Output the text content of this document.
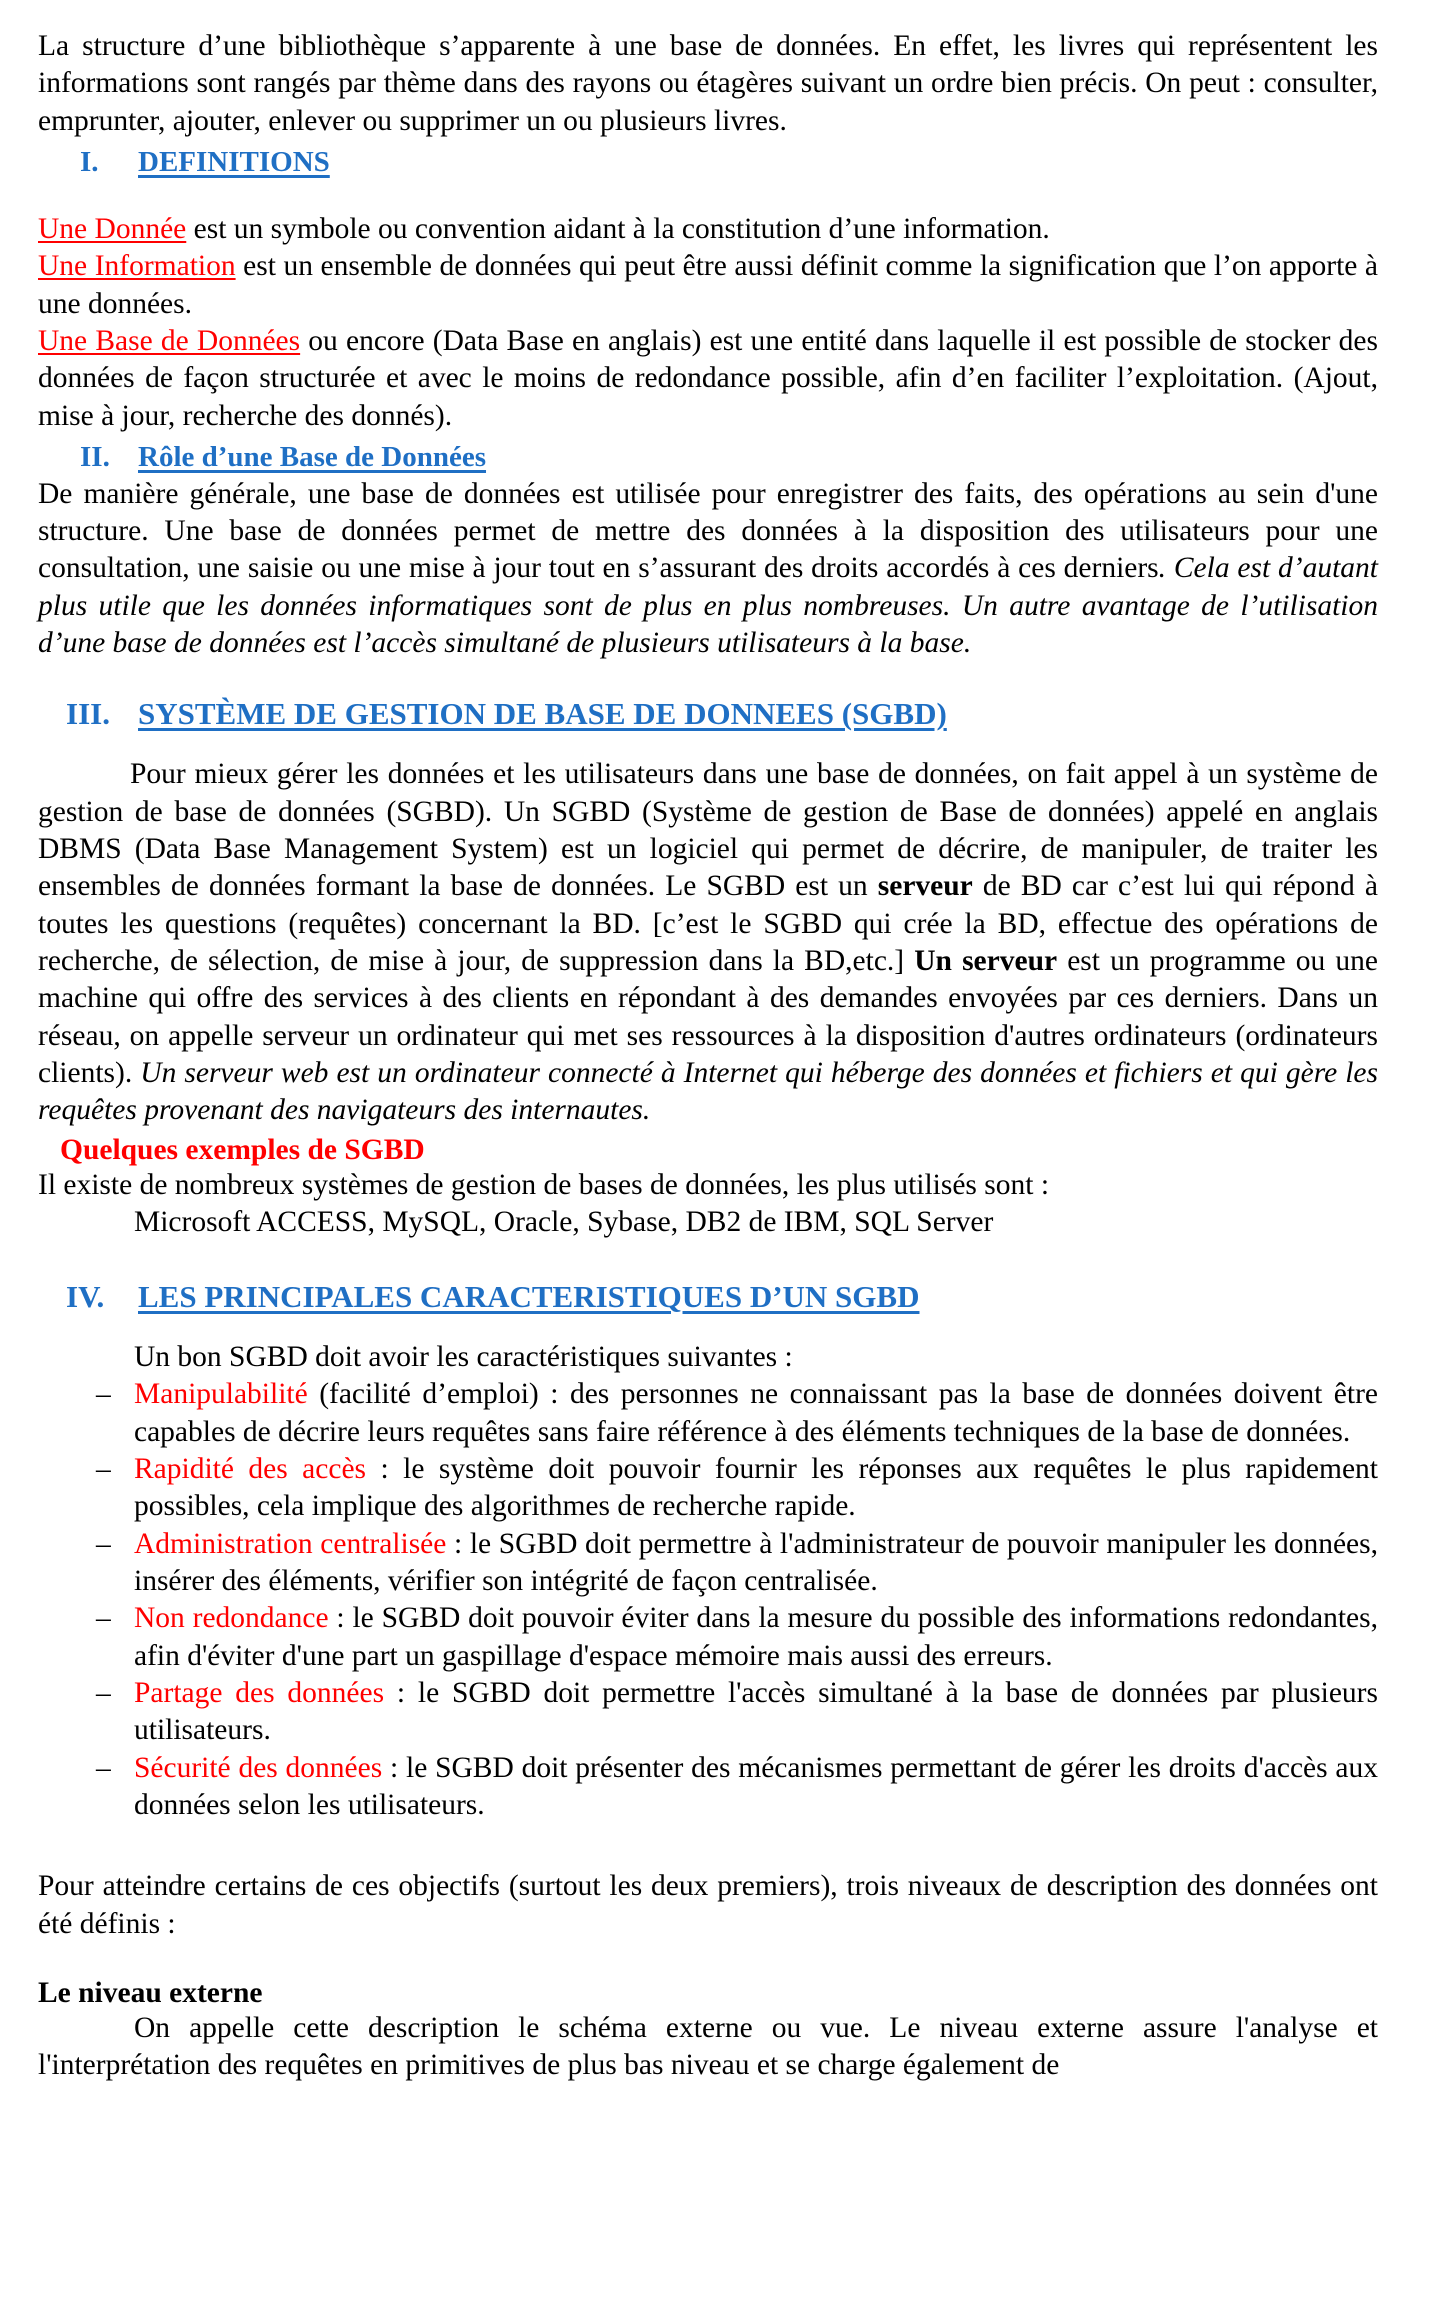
La structure d’une bibliothèque s’apparente à une base de données. En effet, les livres qui représentent les informations sont rangés par thème dans des rayons ou étagères suivant un ordre bien précis. On peut : consulter, emprunter, ajouter, enlever ou supprimer un ou plusieurs livres.

I. DEFINITIONS

Une Donnée est un symbole ou convention aidant à la constitution d’une information.

Une Information est un ensemble de données qui peut être aussi définit comme la signification que l’on apporte à une données.

Une Base de Données ou encore (Data Base en anglais) est une entité dans laquelle il est possible de stocker des données de façon structurée et avec le moins de redondance possible, afin d’en faciliter l’exploitation. (Ajout, mise à jour, recherche des donnés).

II. Rôle d’une Base de Données

De manière générale, une base de données est utilisée pour enregistrer des faits, des opérations au sein d'une structure. Une base de données permet de mettre des données à la disposition des utilisateurs pour une consultation, une saisie ou une mise à jour tout en s’assurant des droits accordés à ces derniers. Cela est d’autant plus utile que les données informatiques sont de plus en plus nombreuses. Un autre avantage de l’utilisation d’une base de données est l’accès simultané de plusieurs utilisateurs à la base.

III. SYSTÈME DE GESTION DE BASE DE DONNEES (SGBD)

Pour mieux gérer les données et les utilisateurs dans une base de données, on fait appel à un système de gestion de base de données (SGBD). Un SGBD (Système de gestion de Base de données) appelé en anglais DBMS (Data Base Management System) est un logiciel qui permet de décrire, de manipuler, de traiter les ensembles de données formant la base de données. Le SGBD est un serveur de BD car c’est lui qui répond à toutes les questions (requêtes) concernant la BD. [c’est le SGBD qui crée la BD, effectue des opérations de recherche, de sélection, de mise à jour, de suppression dans la BD,etc.] Un serveur est un programme ou une machine qui offre des services à des clients en répondant à des demandes envoyées par ces derniers. Dans un réseau, on appelle serveur un ordinateur qui met ses ressources à la disposition d'autres ordinateurs (ordinateurs clients). Un serveur web est un ordinateur connecté à Internet qui héberge des données et fichiers et qui gère les requêtes provenant des navigateurs des internautes.

Quelques exemples de SGBD
Il existe de nombreux systèmes de gestion de bases de données, les plus utilisés sont :
Microsoft ACCESS, MySQL, Oracle, Sybase, DB2 de IBM, SQL Server
IV. LES PRINCIPALES CARACTERISTIQUES D’UN SGBD
Un bon SGBD doit avoir les caractéristiques suivantes :
– Manipulabilité (facilité d’emploi) : des personnes ne connaissant pas la base de données doivent être capables de décrire leurs requêtes sans faire référence à des éléments techniques de la base de données.
– Rapidité des accès : le système doit pouvoir fournir les réponses aux requêtes le plus rapidement possibles, cela implique des algorithmes de recherche rapide.
– Administration centralisée : le SGBD doit permettre à l'administrateur de pouvoir manipuler les données, insérer des éléments, vérifier son intégrité de façon centralisée.
– Non redondance : le SGBD doit pouvoir éviter dans la mesure du possible des informations redondantes, afin d'éviter d'une part un gaspillage d'espace mémoire mais aussi des erreurs.
– Partage des données : le SGBD doit permettre l'accès simultané à la base de données par plusieurs utilisateurs.
– Sécurité des données : le SGBD doit présenter des mécanismes permettant de gérer les droits d'accès aux données selon les utilisateurs.

Pour atteindre certains de ces objectifs (surtout les deux premiers), trois niveaux de description des données ont été définis :

Le niveau externe

On appelle cette description le schéma externe ou vue. Le niveau externe assure l'analyse et l'interprétation des requêtes en primitives de plus bas niveau et se charge également de
